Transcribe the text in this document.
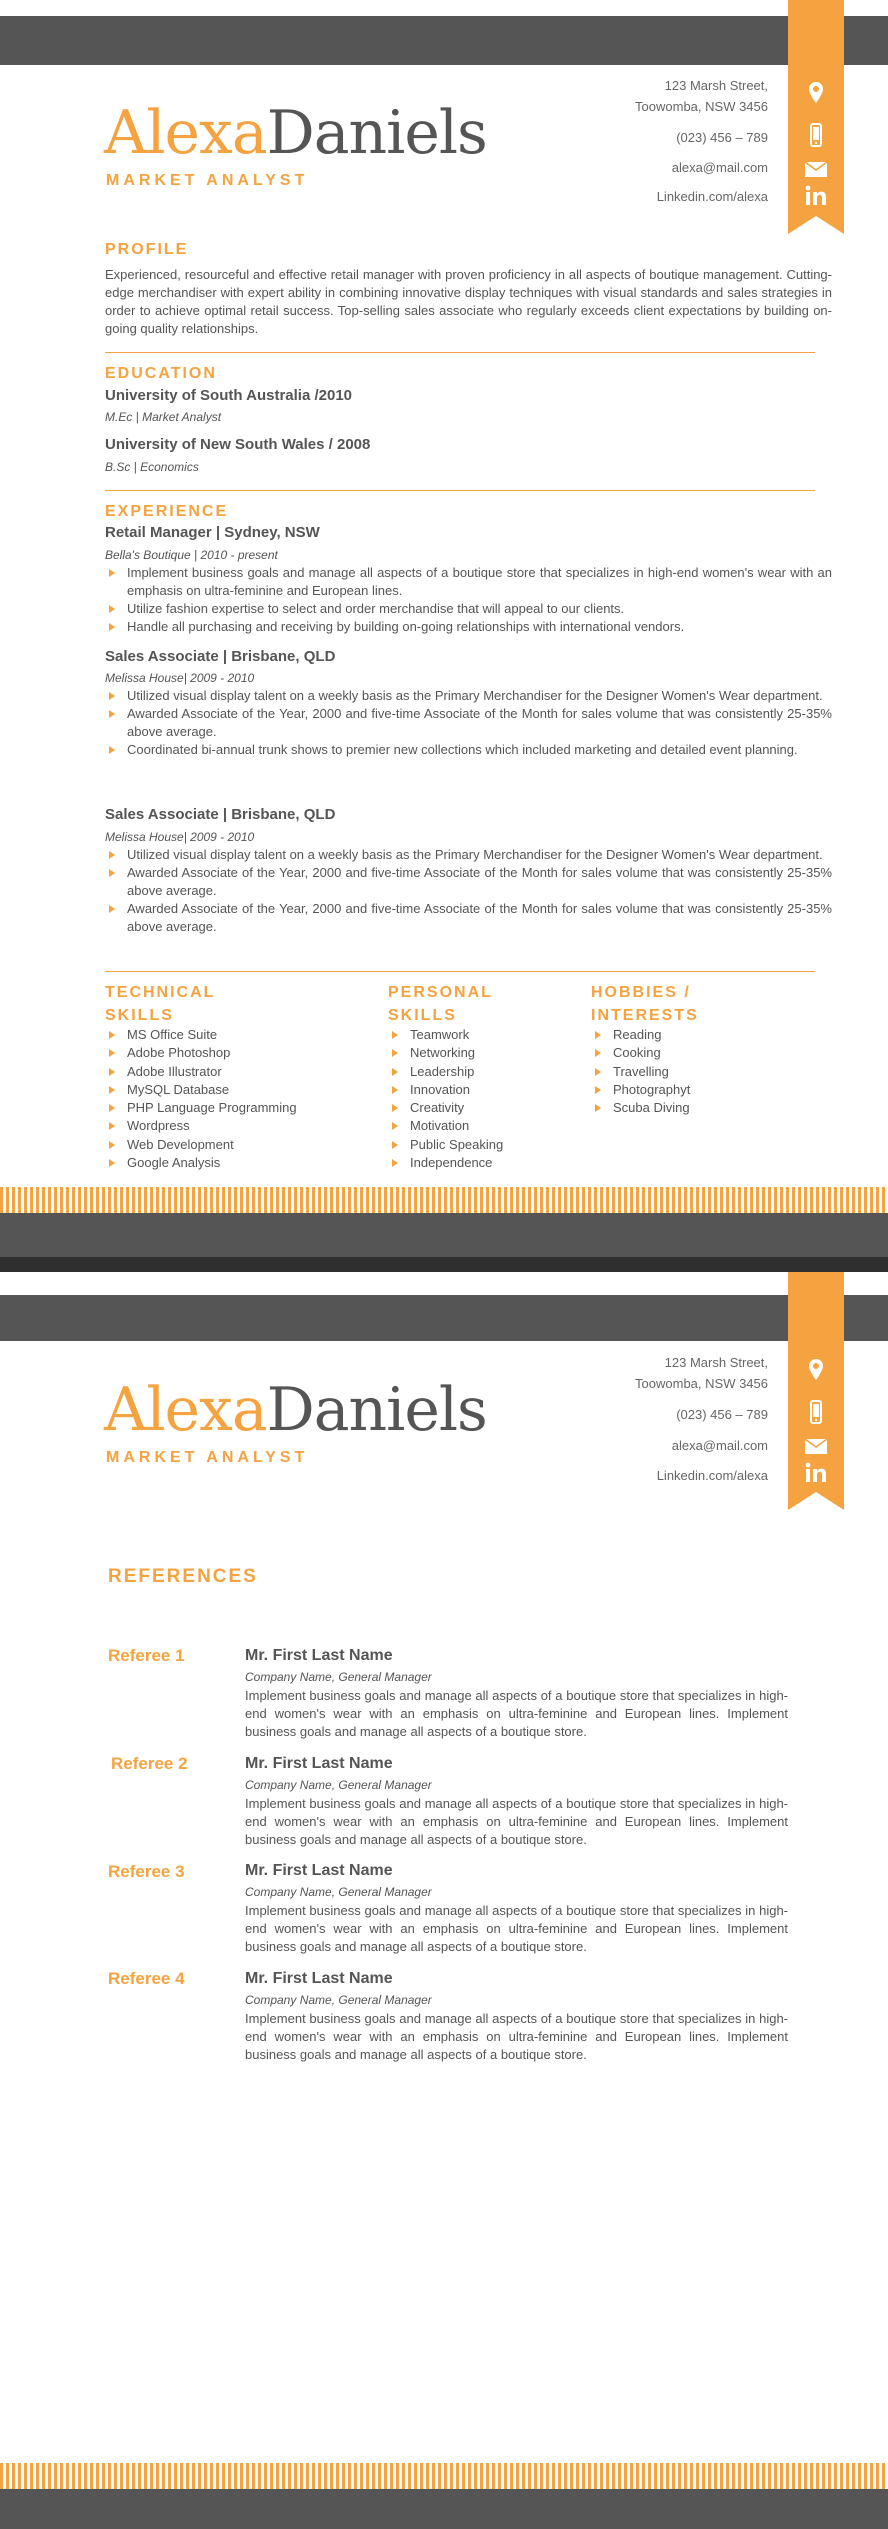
AlexaDaniels
MARKET ANALYST
123 Marsh Street,
Toowomba, NSW 3456
(023) 456 – 789
alexa@mail.com
Linkedin.com/alexa
PROFILE
Experienced, resourceful and effective retail manager with proven proficiency in all aspects of boutique management. Cutting-edge merchandiser with expert ability in combining innovative display techniques with visual standards and sales strategies in order to achieve optimal retail success. Top-selling sales associate who regularly exceeds client expectations by building on-going quality relationships.
EDUCATION
University of South Australia /2010
M.Ec | Market Analyst
University of New South Wales / 2008
B.Sc | Economics
EXPERIENCE
Retail Manager | Sydney, NSW
Bella's Boutique | 2010 - present
Implement business goals and manage all aspects of a boutique store that specializes in high-end women's wear with an emphasis on ultra-feminine and European lines.
Utilize fashion expertise to select and order merchandise that will appeal to our clients.
Handle all purchasing and receiving by building on-going relationships with international vendors.
Sales Associate | Brisbane, QLD
Melissa House| 2009 - 2010
Utilized visual display talent on a weekly basis as the Primary Merchandiser for the Designer Women's Wear department.
Awarded Associate of the Year, 2000 and five-time Associate of the Month for sales volume that was consistently 25-35% above average.
Coordinated bi-annual trunk shows to premier new collections which included marketing and detailed event planning.
Sales Associate | Brisbane, QLD
Melissa House| 2009 - 2010
Utilized visual display talent on a weekly basis as the Primary Merchandiser for the Designer Women's Wear department.
Awarded Associate of the Year, 2000 and five-time Associate of the Month for sales volume that was consistently 25-35% above average.
Awarded Associate of the Year, 2000 and five-time Associate of the Month for sales volume that was consistently 25-35% above average.
TECHNICAL
SKILLS
MS Office Suite
Adobe Photoshop
Adobe Illustrator
MySQL Database
PHP Language Programming
Wordpress
Web Development
Google Analysis
PERSONAL
SKILLS
Teamwork
Networking
Leadership
Innovation
Creativity
Motivation
Public Speaking
Independence
HOBBIES /
INTERESTS
Reading
Cooking
Travelling
Photographyt
Scuba Diving
AlexaDaniels
MARKET ANALYST
123 Marsh Street,
Toowomba, NSW 3456
(023) 456 – 789
alexa@mail.com
Linkedin.com/alexa
REFERENCES
Referee 1	Mr. First Last Name
Company Name, General Manager
Implement business goals and manage all aspects of a boutique store that specializes in high-end women's wear with an emphasis on ultra-feminine and European lines. Implement business goals and manage all aspects of a boutique store.
Referee 2	Mr. First Last Name
Company Name, General Manager
Implement business goals and manage all aspects of a boutique store that specializes in high-end women's wear with an emphasis on ultra-feminine and European lines. Implement business goals and manage all aspects of a boutique store.
Referee 3	Mr. First Last Name
Company Name, General Manager
Implement business goals and manage all aspects of a boutique store that specializes in high-end women's wear with an emphasis on ultra-feminine and European lines. Implement business goals and manage all aspects of a boutique store.
Referee 4	Mr. First Last Name
Company Name, General Manager
Implement business goals and manage all aspects of a boutique store that specializes in high-end women's wear with an emphasis on ultra-feminine and European lines. Implement business goals and manage all aspects of a boutique store.
